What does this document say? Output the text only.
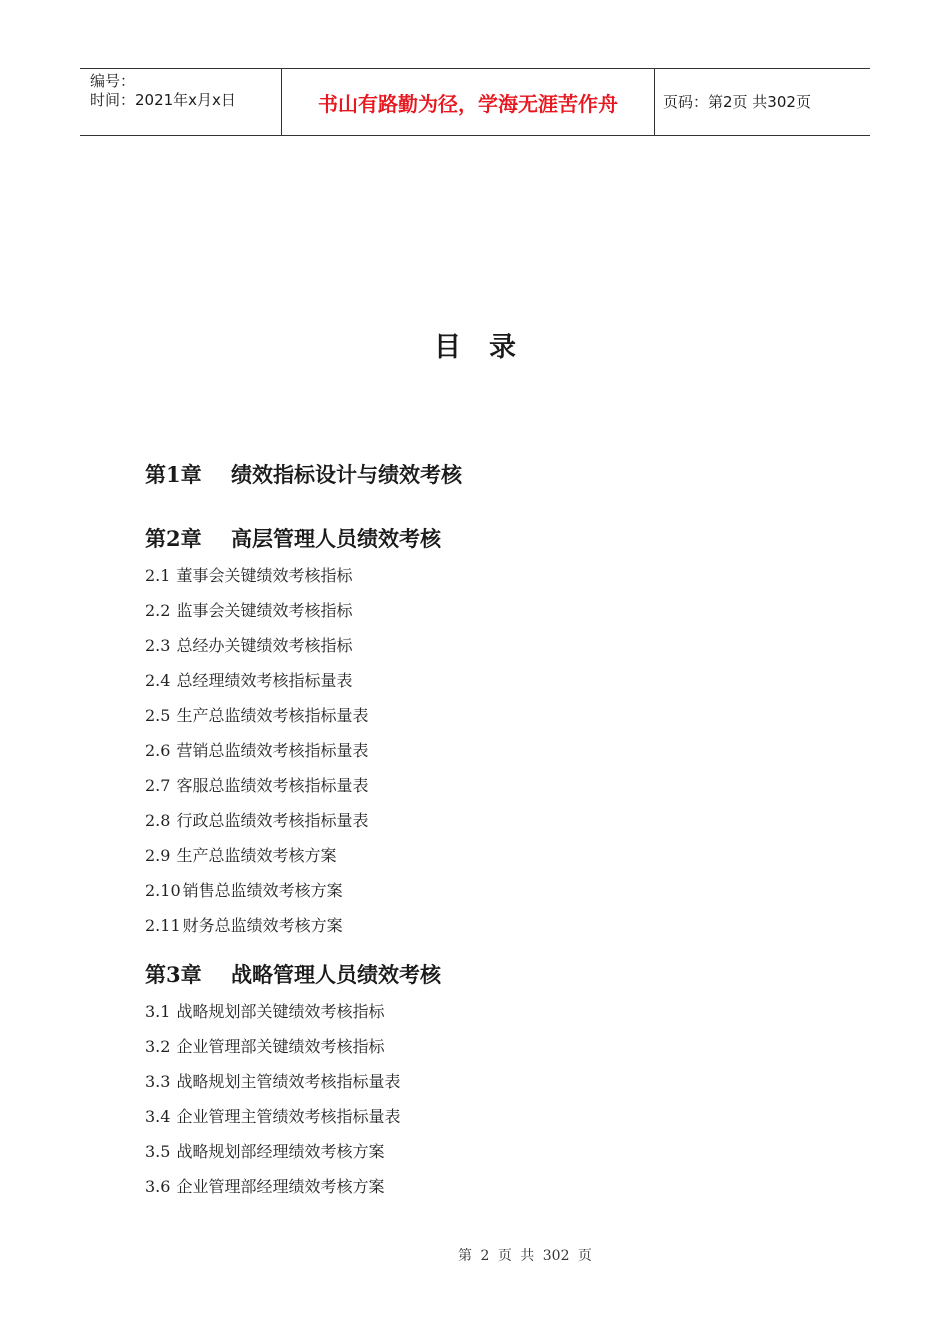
编号：
时间：2021年x月x日	书山有路勤为径，学海无涯苦作舟	页码：第2页 共302页
目录
第1章 绩效指标设计与绩效考核
第2章 高层管理人员绩效考核
2.1 董事会关键绩效考核指标
2.2 监事会关键绩效考核指标
2.3 总经办关键绩效考核指标
2.4 总经理绩效考核指标量表
2.5 生产总监绩效考核指标量表
2.6 营销总监绩效考核指标量表
2.7 客服总监绩效考核指标量表
2.8 行政总监绩效考核指标量表
2.9 生产总监绩效考核方案
2.10 销售总监绩效考核方案
2.11 财务总监绩效考核方案
第3章 战略管理人员绩效考核
3.1 战略规划部关键绩效考核指标
3.2 企业管理部关键绩效考核指标
3.3 战略规划主管绩效考核指标量表
3.4 企业管理主管绩效考核指标量表
3.5 战略规划部经理绩效考核方案
3.6 企业管理部经理绩效考核方案
第 2 页 共 302 页
